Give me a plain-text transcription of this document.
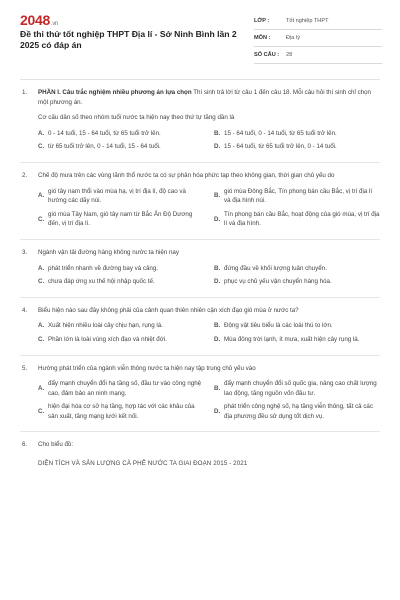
2048.vn
Đề thi thử tốt nghiệp THPT Địa lí - Sở Ninh Bình lần 2 2025 có đáp án
LỚP :	Tốt nghiệp THPT
MÔN :	Địa lý
SỐ CÂU :	28
1. PHẦN I. Câu trắc nghiệm nhiều phương án lựa chọn Thí sinh trả lời từ câu 1 đến câu 18. Mỗi câu hỏi thí sinh chỉ chọn một phương án.

Cơ cấu dân số theo nhóm tuổi nước ta hiện nay theo thứ tự tăng dần là

A. 0 - 14 tuổi, 15 - 64 tuổi, từ 65 tuổi trở lên.	B. 15 - 64 tuổi, 0 - 14 tuổi, từ 65 tuổi trở lên.
C. từ 65 tuổi trở lên, 0 - 14 tuổi, 15 - 64 tuổi.	D. 15 - 64 tuổi, từ 65 tuổi trở lên, 0 - 14 tuổi.
2. Chế độ mưa trên các vùng lãnh thổ nước ta có sự phân hóa phức tạp theo không gian, thời gian chủ yếu do

A.
gió tây nam thổi vào mùa hạ, vị trí địa lí, độ cao và hướng các dãy núi.
B.
gió mùa Đông Bắc, Tín phong bán cầu Bắc, vị trí địa lí và địa hình núi.
C.
gió mùa Tây Nam, gió tây nam từ Bắc Ấn Độ Dương đến, vị trí địa lí.
D.
Tín phong bán cầu Bắc, hoạt động của gió mùa, vị trí địa lí và địa hình.
3. Ngành vận tải đường hàng không nước ta hiện nay

A. phát triển nhanh về đường bay và cảng.	B. đứng đầu về khối lượng luân chuyển.
C. chưa đáp ứng xu thế hội nhập quốc tế.	D. phục vụ chủ yếu vận chuyển hàng hóa.
4. Biểu hiện nào sau đây không phải của cảnh quan thiên nhiên cận xích đạo gió mùa ở nước ta?

A. Xuất hiện nhiều loài cây chịu hạn, rụng lá.	B. Động vật tiêu biểu là các loài thú to lớn.
C. Phần lớn là loài vùng xích đạo và nhiệt đới.	D. Mùa đông trời lạnh, ít mưa, xuất hiện cây rụng lá.
5. Hướng phát triển của ngành viễn thông nước ta hiện nay tập trung chủ yếu vào

A.
đẩy mạnh chuyển đổi hạ tầng số, đầu tư vào công nghệ cao, đảm bảo an ninh mạng.
B.
đẩy mạnh chuyển đổi số quốc gia, nâng cao chất lượng lao động, tăng nguồn vốn đầu tư.
C.
hiện đại hóa cơ sở hạ tầng, hợp tác với các khâu của sản xuất, tăng mạng lưới kết nối.
D.
phát triển công nghệ số, hạ tầng viễn thông, tất cả các địa phương đều sử dụng tốt dịch vụ.
6. Cho biểu đồ:

DIỆN TÍCH VÀ SẢN LƯỢNG CÀ PHÊ NƯỚC TA GIAI ĐOẠN 2015 - 2021
